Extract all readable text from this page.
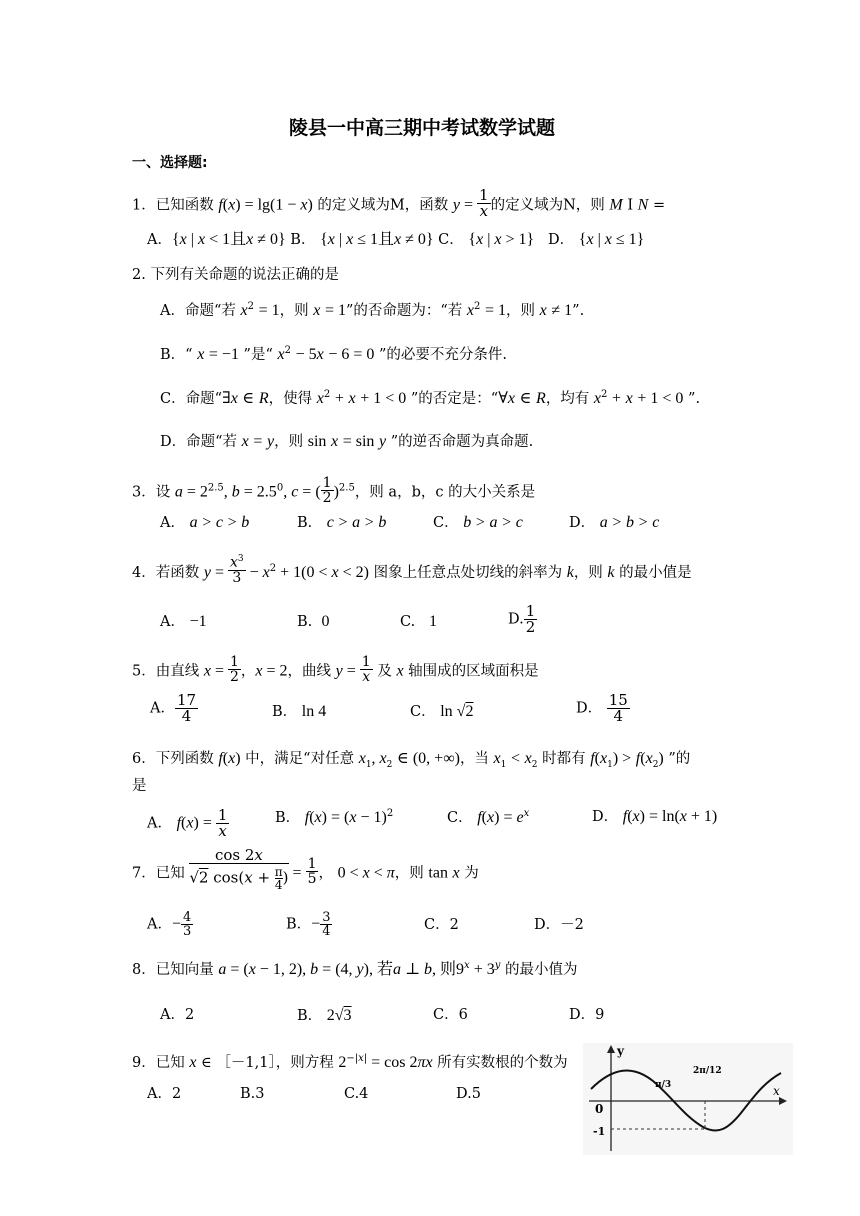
陵县一中高三期中考试数学试题
一、选择题:
1．已知函数 f(x) = lg(1 − x) 的定义域为M，函数 $y = \frac{1}{x}$ 的定义域为N，则 M Ⅰ N =
A．{x | x < 1且x ≠ 0} B． {x | x ≤ 1且x ≠ 0} C． {x | x > 1}   D． {x | x ≤ 1}
2. 下列有关命题的说法正确的是
A．命题“若 $x^2 = 1$，则 x = 1”的否命题为：“若 $x^2 = 1$，则 x ≠ 1”.
B．“ x = −1 ”是“ $x^2 - 5x - 6 = 0$ ”的必要不充分条件.
C．命题“∃x ∈ R，使得 $x^2 + x + 1 < 0$ ”的否定是：“∀x ∈ R，均有 $x^2 + x + 1 < 0$ ”.
D．命题“若 x = y，则 sin x = sin y ”的逆否命题为真命题.
3．设 $a = 2^{2.5}$, $b = 2.5^0$, c = ( $\frac{1}{2} )^{2.5}$，则 a，b，c 的大小关系是
A． a > c > b	B． c > a > b	C． b > a > c	D． a > b > c
4．若函数 $y = \frac{x^3}{3} - x^2 + 1(0 < x < 2)$ 图象上任意点处切线的斜率为 k，则 k 的最小值是
A． −1	B.  0	C.   1	D. $\frac{1}{2}$
5．由直线 $x = \frac{1}{2}$ ，x = 2，曲线 $y = \frac{1}{x}$ 及 x 轴围成的区域面积是
A． $\frac{17}{4}$	B． ln 4	C． ln √2	D． $\frac{15}{4}$
6．下列函数 f(x) 中，满足“对任意 $x_1$, $x_2$ ∈ (0, +∞)，当 $x_1 < x_2$ 时都有 $f(x_1) > f(x_2)$ ”的
是
A． $f(x) = \frac{1}{x}$	B． $f(x) = (x - 1)^2$	C． $f(x) = e^x$	D． f(x) = ln(x + 1)
7．已知 $\frac{\cos 2x}{√2 \cos(x + \frac{\pi}{4} )} = \frac{1}{5}$ ， 0 < x < π，则 tan x 为
A．− $\frac{4}{3}$	B．− $\frac{3}{4}$	C．2	D．－2
8．已知向量 a = (x − 1, 2), b = (4, y), 若a ⊥ b, 则$9^x + 3^y$ 的最小值为
A．2	B． 2√3	C．6	D．9
9．已知 x ∈ ［－1,1］，则方程 $2^{-|x|} = \cos 2\pi x$ 所有实数根的个数为
A．2	B.3	C.4	D.5
y
x
0
π/3
2π/12
-1
